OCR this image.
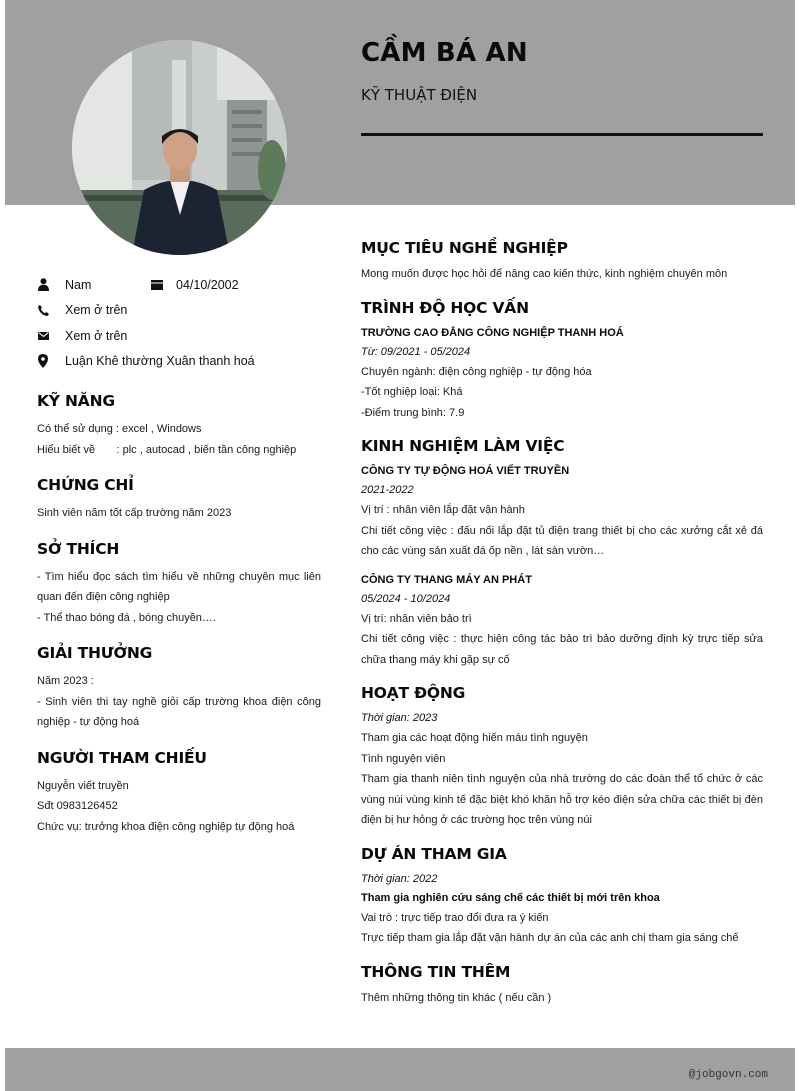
CẦM BÁ AN
KỸ THUẬT ĐIỆN
Nam	04/10/2002
Xem ở trên
Xem ở trên
Luận Khê thường Xuân thanh hoá
KỸ NĂNG
Có thể sử dụng : excel , Windows
Hiểu biết về       : plc , autocad , biến tần công nghiệp
CHỨNG CHỈ
Sinh viên năm tốt cấp trường năm 2023
SỞ THÍCH
- Tìm hiểu đọc sách tìm hiểu về những chuyên mục liên quan đến điện công nghiệp
- Thể thao bóng đá , bóng chuyền….
GIẢI THƯỞNG
Năm 2023 :
- Sinh viên thi tay nghề giỏi cấp trường khoa điện công nghiệp - tự động hoá
NGƯỜI THAM CHIẾU
Nguyễn viết truyền
Sđt 0983126452
Chức vụ: trưởng khoa điện công nghiệp tự động hoá
MỤC TIÊU NGHỀ NGHIỆP
Mong muốn được học hỏi để nâng cao kiến thức, kinh nghiệm chuyên môn
TRÌNH ĐỘ HỌC VẤN
TRƯỜNG CAO ĐẲNG CÔNG NGHIỆP THANH HOÁ
Từ: 09/2021 - 05/2024
Chuyên ngành: điện công nghiệp - tự động hóa
-Tốt nghiệp loại: Khá
-Điểm trung bình: 7.9
KINH NGHIỆM LÀM VIỆC
CÔNG TY TỰ ĐỘNG HOÁ VIẾT TRUYỀN
2021-2022
Vị trí : nhân viên lắp đặt vận hành
Chi tiết công việc : đấu nối lắp đặt tủ điện trang thiết bị cho các xưởng cắt xẻ đá cho các vùng sản xuất đá ốp nền , lát sàn vườn…
CÔNG TY THANG MÁY AN PHÁT
05/2024 - 10/2024
Vị trí: nhân viên bảo trì
Chi tiết công việc : thực hiện công tác bảo trì bảo dưỡng định kỳ trực tiếp sửa chữa thang máy khi gặp sự cố
HOẠT ĐỘNG
Thời gian: 2023
Tham gia các hoạt động hiến máu tình nguyện
Tình nguyện viên
Tham gia thanh niên tình nguyện của nhà trường do các đoàn thể tổ chức ở các vùng núi vùng kinh tế đặc biệt khó khăn hỗ trợ kéo điện sửa chữa các thiết bị đèn điện bị hư hỏng ở các trường học trên vùng núi
DỰ ÁN THAM GIA
Thời gian: 2022
Tham gia nghiên cứu sáng chế các thiết bị mới trên khoa
Vai trò : trực tiếp trao đổi đưa ra ý kiến
Trực tiếp tham gia lắp đặt vận hành dự án của các anh chị tham gia sáng chế
THÔNG TIN THÊM
Thêm những thông tin khác ( nếu cần )
@jobgovn.com
